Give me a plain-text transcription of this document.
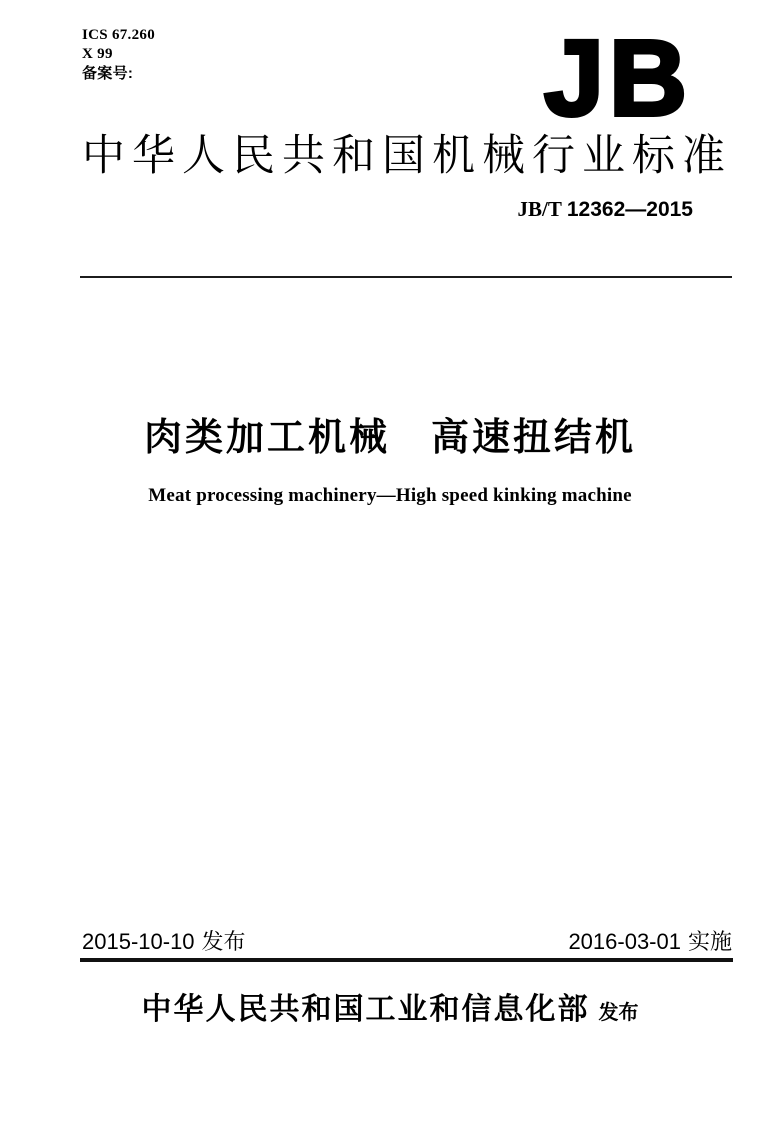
ICS 67.260
X 99
备案号:	JB
中华人民共和国机械行业标准
JB/T 12362—2015
肉类加工机械　高速扭结机
Meat processing machinery—High speed kinking machine
2015-10-10 发布	2016-03-01 实施
中华人民共和国工业和信息化部 发布
